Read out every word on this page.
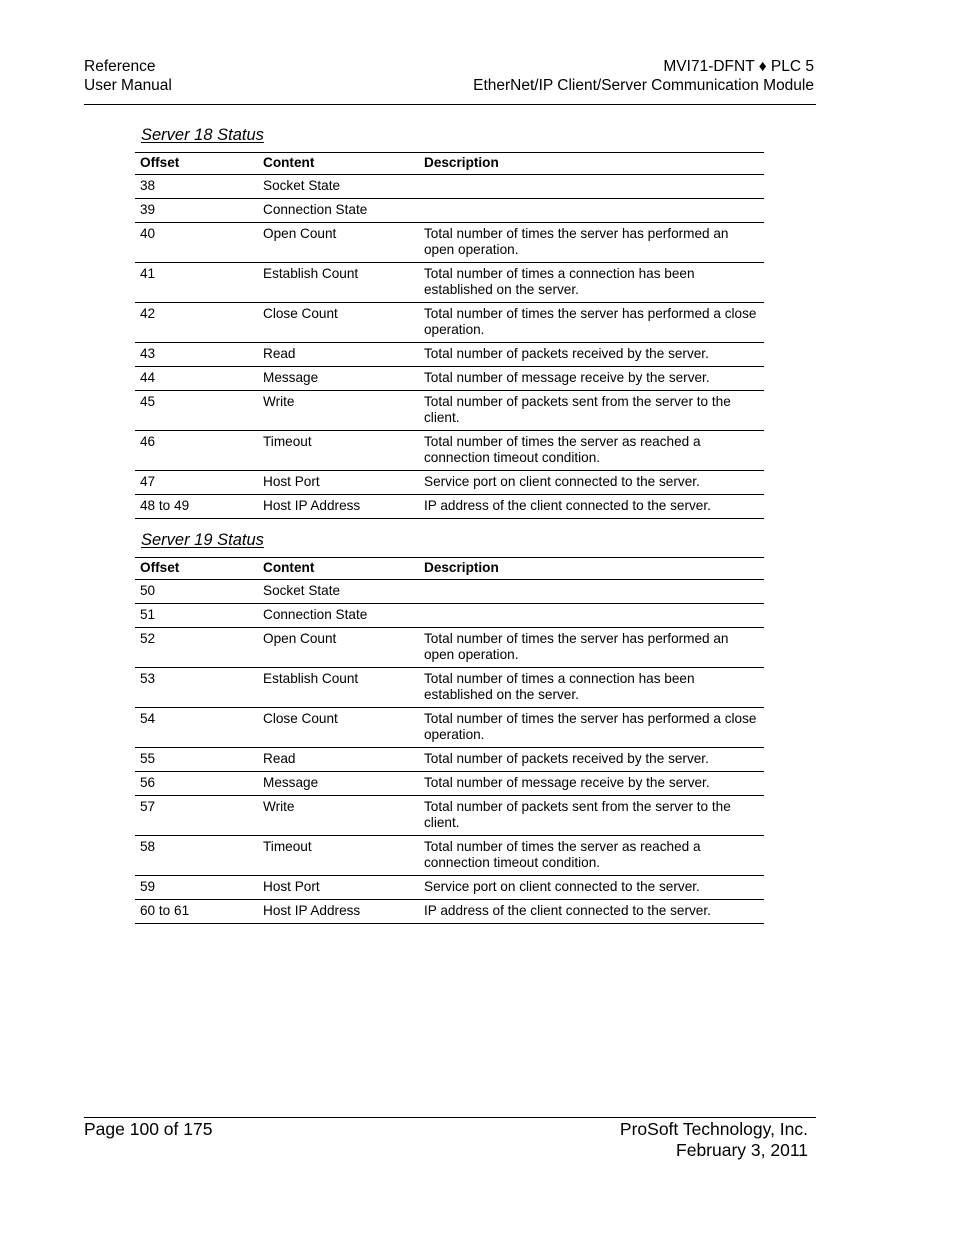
Reference
User Manual
MVI71-DFNT ♦ PLC 5
EtherNet/IP Client/Server Communication Module
Server 18 Status
Offset	Content	Description
38	Socket State	
39	Connection State	
40	Open Count	Total number of times the server has performed an open operation.
41	Establish Count	Total number of times a connection has been established on the server.
42	Close Count	Total number of times the server has performed a close operation.
43	Read	Total number of packets received by the server.
44	Message	Total number of message receive by the server.
45	Write	Total number of packets sent from the server to the client.
46	Timeout	Total number of times the server as reached a connection timeout condition.
47	Host Port	Service port on client connected to the server.
48 to 49	Host IP Address	IP address of the client connected to the server.
Server 19 Status
Offset	Content	Description
50	Socket State	
51	Connection State	
52	Open Count	Total number of times the server has performed an open operation.
53	Establish Count	Total number of times a connection has been established on the server.
54	Close Count	Total number of times the server has performed a close operation.
55	Read	Total number of packets received by the server.
56	Message	Total number of message receive by the server.
57	Write	Total number of packets sent from the server to the client.
58	Timeout	Total number of times the server as reached a connection timeout condition.
59	Host Port	Service port on client connected to the server.
60 to 61	Host IP Address	IP address of the client connected to the server.
Page 100 of 175	ProSoft Technology, Inc.
February 3, 2011
